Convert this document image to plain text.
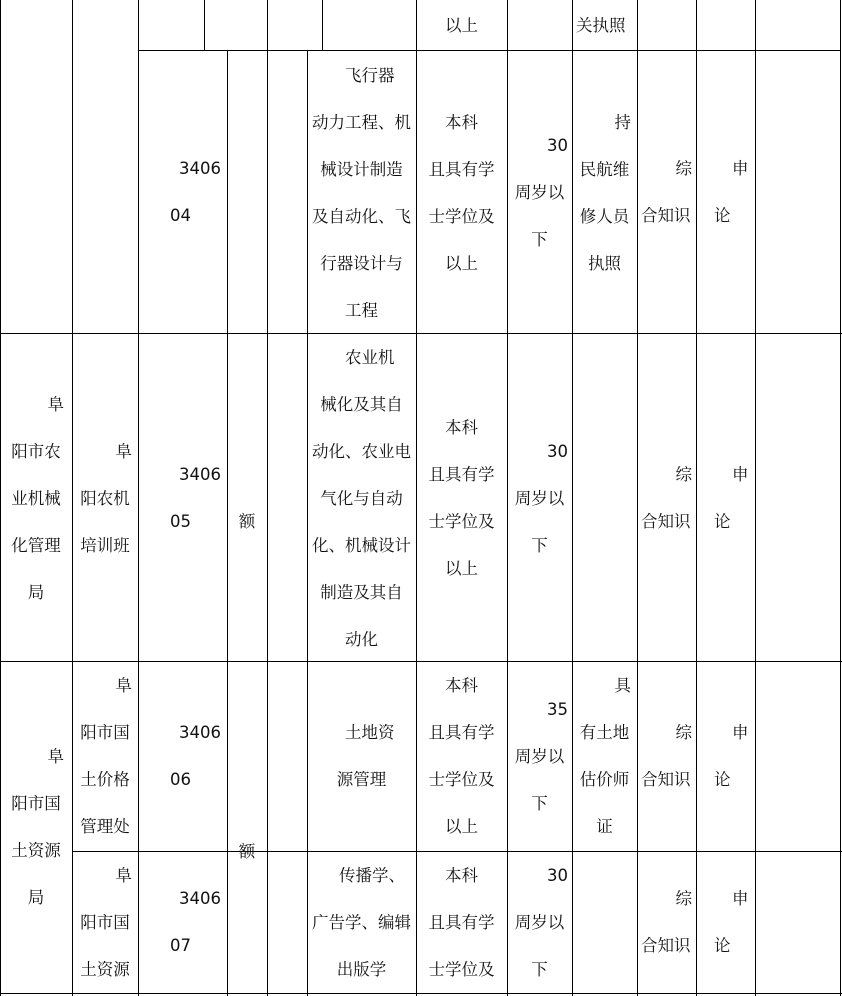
以上	关执照
3406
04
飞行器
动力工程、机
械设计制造
及自动化、飞
行器设计与
工程
本科
且具有学
士学位及
以上
30
周岁以
下
持
民航维
修人员
执照
综
合知识
申
论
阜
阳市农
业机械
化管理
局
阜
阳农机
培训班
3406
05	额
农业机
械化及其自
动化、农业电
气化与自动
化、机械设计
制造及其自
动化
本科
且具有学
士学位及
以上
30
周岁以
下
综
合知识
申
论
阜
阳市国
土资源
局
阜
阳市国
土价格
管理处
3406
06
额
土地资
源管理
本科
且具有学
士学位及
以上
35
周岁以
下
具
有土地
估价师
证
综
合知识
申
论
阜
阳市国
土资源
3406
07
传播学、
广告学、编辑
出版学
本科
且具有学
士学位及
30
周岁以
下
综
合知识
申
论
